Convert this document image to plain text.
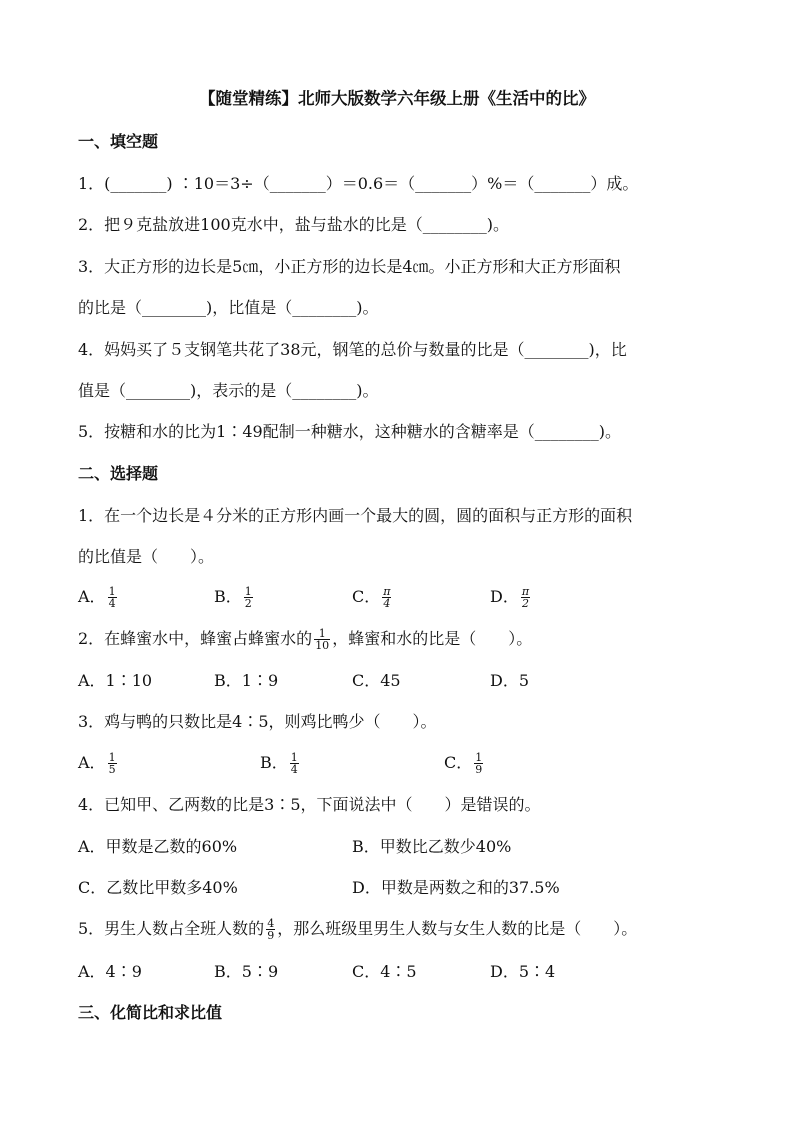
【随堂精练】北师大版数学六年级上册《生活中的比》
一、填空题
1．(_______) ∶10＝3÷（_______）＝0.6＝（_______）%＝（_______）成。
2．把９克盐放进100克水中，盐与盐水的比是（________)。
3．大正方形的边长是5㎝，小正方形的边长是4㎝。小正方形和大正方形面积
的比是（________)，比值是（________)。
4．妈妈买了５支钢笔共花了38元，钢笔的总价与数量的比是（________)，比
值是（________)，表示的是（________)。
5．按糖和水的比为1∶49配制一种糖水，这种糖水的含糖率是（________)。
二、选择题
1．在一个边长是４分米的正方形内画一个最大的圆，圆的面积与正方形的面积
的比值是（　　）。
A． $\frac{1}{4}$	B． $\frac{1}{2}$	C． $\frac{\pi}{4}$	D． $\frac{\pi}{2}$
2．在蜂蜜水中，蜂蜜占蜂蜜水的 $\frac{1}{10}$ ，蜂蜜和水的比是（　　）。
A．1∶10	B．1∶9	C．45	D．5
3．鸡与鸭的只数比是4∶5，则鸡比鸭少（　　）。
A． $\frac{1}{5}$	B． $\frac{1}{4}$	C． $\frac{1}{9}$
4．已知甲、乙两数的比是3∶5，下面说法中（　　）是错误的。
A．甲数是乙数的60%	B．甲数比乙数少40%
C．乙数比甲数多40%	D．甲数是两数之和的37.5%
5．男生人数占全班人数的 $\frac{4}{9}$ ，那么班级里男生人数与女生人数的比是（　　）。
A．4∶9	B．5∶9	C．4∶5	D．5∶4
三、化简比和求比值
